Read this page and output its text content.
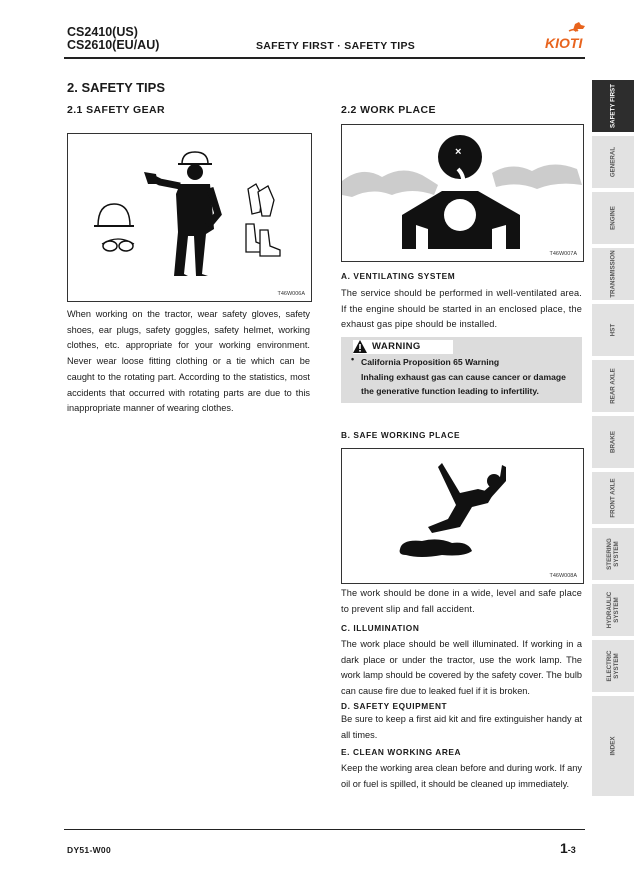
CS2410(US)
CS2610(EU/AU)	SAFETY FIRST · SAFETY TIPS	KIOTI
2. SAFETY TIPS
2.1 SAFETY GEAR
T46W006A
When working on the tractor, wear safety gloves, safety shoes, ear plugs, safety goggles, safety helmet, working clothes, etc. appropriate for your working environment. Never wear loose fitting clothing or a tie which can be caught to the rotating part. According to the statistics, most accidents that occurred with rotating parts are due to this inappropriate manner of wearing clothes.
2.2 WORK PLACE
×
T46W007A
A. VENTILATING SYSTEM
The service should be performed in well-ventilated area. If the engine should be started in an enclosed place, the exhaust gas pipe should be installed.
WARNING
• California Proposition 65 Warning
Inhaling exhaust gas can cause cancer or damage the generative function leading to infertility.
B. SAFE WORKING PLACE
T46W008A
The work should be done in a wide, level and safe place to prevent slip and fall accident.
C. ILLUMINATION
The work place should be well illuminated. If working in a dark place or under the tractor, use the work lamp. The work lamp should be covered by the safety cover. The bulb can cause fire due to leaked fuel if it is broken.
D. SAFETY EQUIPMENT
Be sure to keep a first aid kit and fire extinguisher handy at all times.
E. CLEAN WORKING AREA
Keep the working area clean before and during work. If any oil or fuel is spilled, it should be cleaned up immediately.
SAFETY FIRST
GENERAL
ENGINE
TRANSMISSION
HST
REAR AXLE
BRAKE
FRONT AXLE
STEERING SYSTEM
HYDRAULIC SYSTEM
ELECTRIC SYSTEM
INDEX
DY51-W00	1-3
